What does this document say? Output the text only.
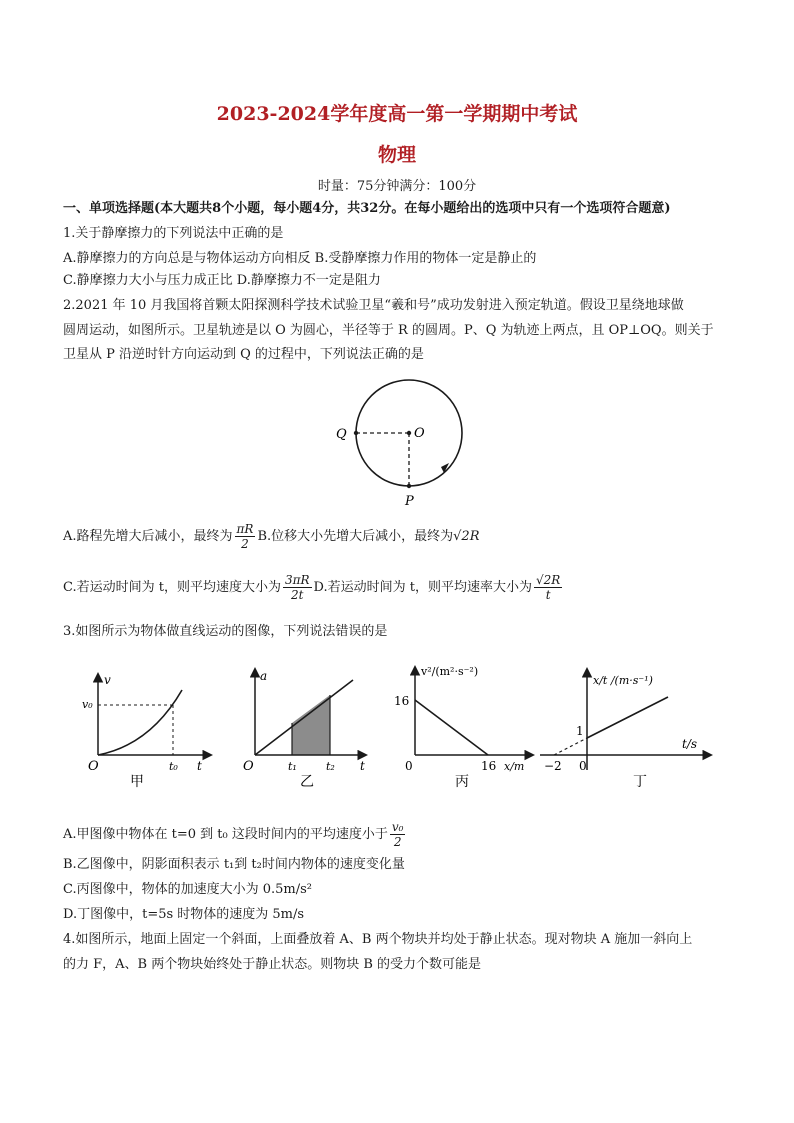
2023-2024学年度高一第一学期期中考试
物理
时量：75分钟满分：100分
一、单项选择题(本大题共8个小题，每小题4分，共32分。在每小题给出的选项中只有一个选项符合题意)
1.关于静摩擦力的下列说法中正确的是
A.静摩擦力的方向总是与物体运动方向相反 B.受静摩擦力作用的物体一定是静止的
C.静摩擦力大小与压力成正比 D.静摩擦力不一定是阻力
2.2021 年 10 月我国将首颗太阳探测科学技术试验卫星“羲和号”成功发射进入预定轨道。假设卫星绕地球做
圆周运动，如图所示。卫星轨迹是以 O 为圆心，半径等于 R 的圆周。P、Q 为轨迹上两点，且 OP⊥OQ。则关于
卫星从 P 沿逆时针方向运动到 Q 的过程中，下列说法正确的是
Q	O
P
A.路程先增大后减小，最终为 $\frac{\pi R}{2} B$.位移大小先增大后减小，最终为√2R
C.若运动时间为 t，则平均速度大小为 $\frac{3\pi R}{2t} D$.若运动时间为 t，则平均速率大小为 $\frac{√2R}{t}$
3.如图所示为物体做直线运动的图像，下列说法错误的是
v
v₀
O	t₀ t
甲
a
O	t₁	t₂ t
乙
v²/(m²·s⁻²)
16
0	16 x/m
丙
x/t /(m·s⁻¹)
1
−2 0
t/s
丁
A.甲图像中物体在 t=0 到 t₀ 这段时间内的平均速度小于 $\frac{\text{v₀}}{2}$
B.乙图像中，阴影面积表示 t₁到 t₂时间内物体的速度变化量
C.丙图像中，物体的加速度大小为 0.5m/s²
D.丁图像中，t=5s 时物体的速度为 5m/s
4.如图所示，地面上固定一个斜面，上面叠放着 A、B 两个物块并均处于静止状态。现对物块 A 施加一斜向上
的力 F，A、B 两个物块始终处于静止状态。则物块 B 的受力个数可能是
